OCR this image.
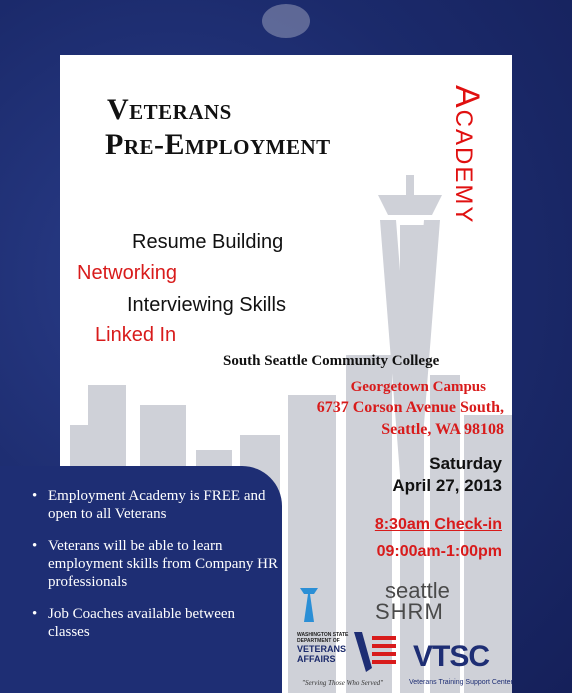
Veterans
Pre-Employment	Academy
Resume Building
Networking
Interviewing Skills
Linked In
South Seattle Community College
Georgetown Campus
6737 Corson Avenue South,
Seattle, WA 98108
Saturday
April 27, 2013
8:30am Check-in
09:00am-1:00pm
• Employment Academy is FREE and open to all Veterans
• Veterans will be able to learn employment skills from Company HR professionals
• Job Coaches available between classes
seattle
SHRM
WASHINGTON STATE
DEPARTMENT OF
VETERANS
AFFAIRS
"Serving Those Who Served"
VTSC
Veterans Training Support Center
